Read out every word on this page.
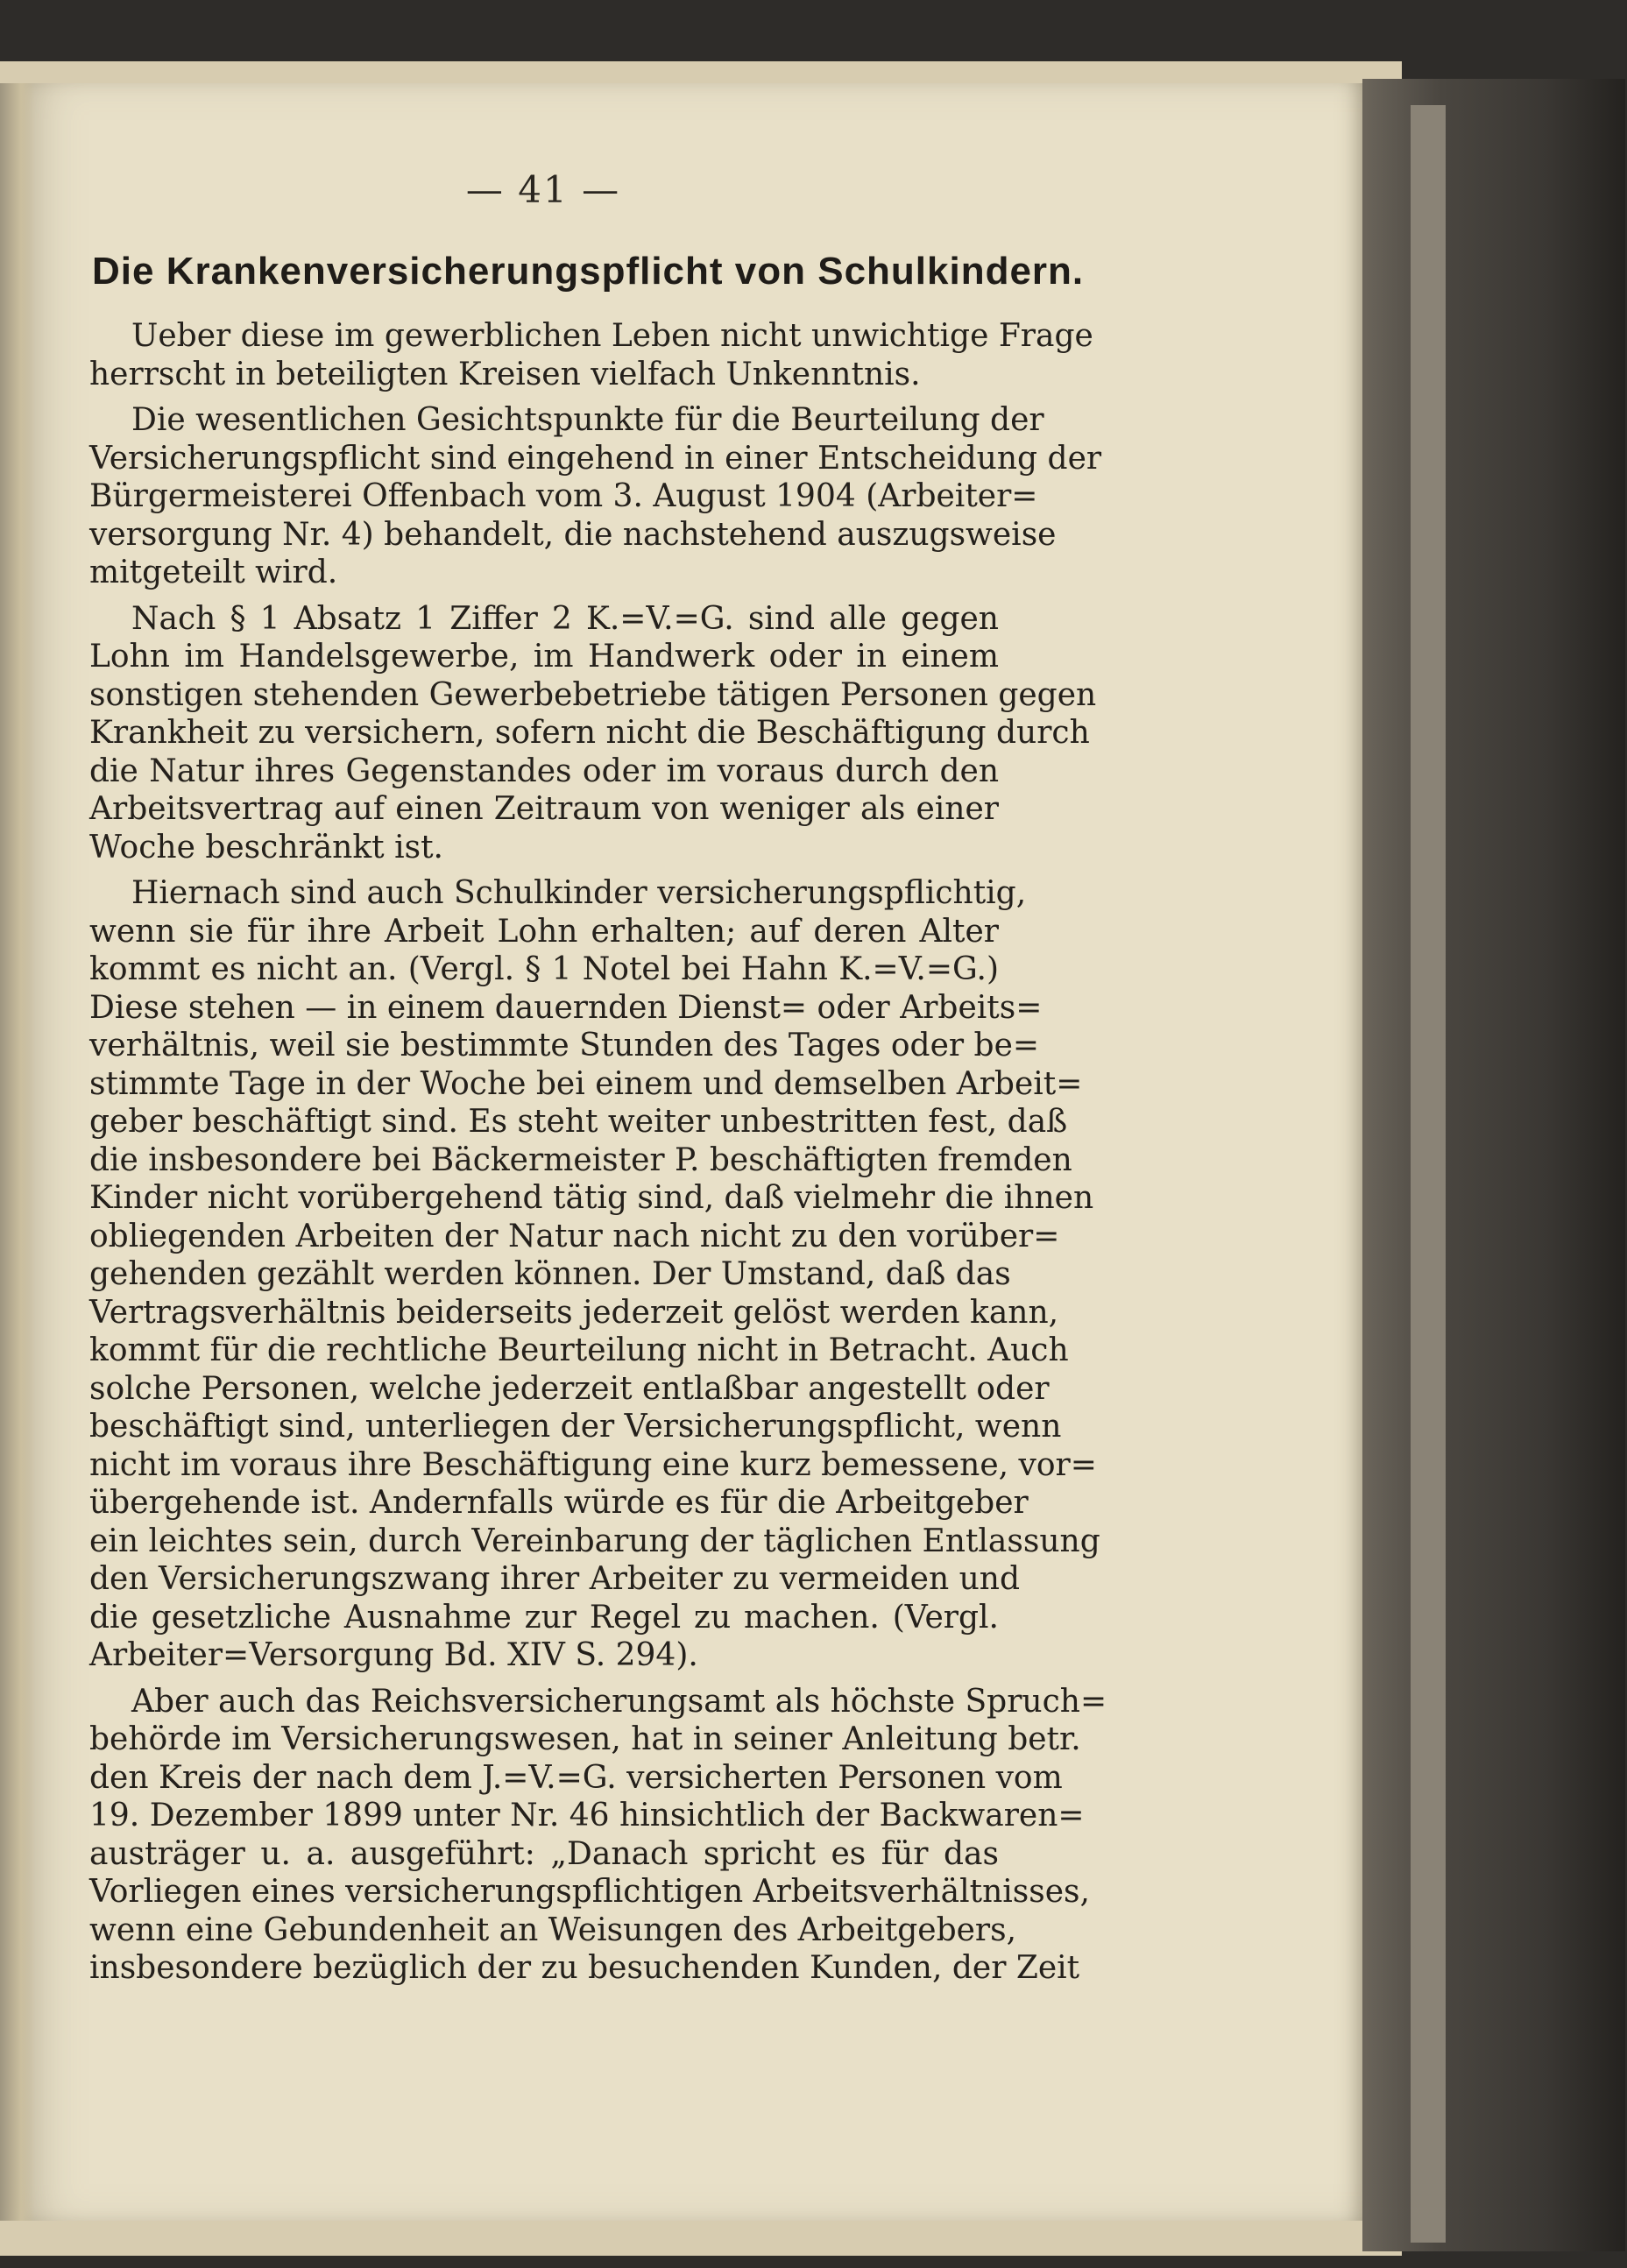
— 41 —
Die Krankenversicherungspflicht von Schulkindern.

Ueber diese im gewerblichen Leben nicht unwichtige Frage
herrscht in beteiligten Kreisen vielfach Unkenntnis.

Die wesentlichen Gesichtspunkte für die Beurteilung der
Versicherungspflicht sind eingehend in einer Entscheidung der
Bürgermeisterei Offenbach vom 3. August 1904 (Arbeiter=
versorgung Nr. 4) behandelt, die nachstehend auszugsweise
mitgeteilt wird.

Nach § 1 Absatz 1 Ziffer 2 K.=V.=G. sind alle gegen
Lohn im Handelsgewerbe, im Handwerk oder in einem
sonstigen stehenden Gewerbebetriebe tätigen Personen gegen
Krankheit zu versichern, sofern nicht die Beschäftigung durch
die Natur ihres Gegenstandes oder im voraus durch den
Arbeitsvertrag auf einen Zeitraum von weniger als einer
Woche beschränkt ist.

Hiernach sind auch Schulkinder versicherungspflichtig,
wenn sie für ihre Arbeit Lohn erhalten; auf deren Alter
kommt es nicht an. (Vergl. § 1 Notel bei Hahn K.=V.=G.)
Diese stehen — in einem dauernden Dienst= oder Arbeits=
verhältnis, weil sie bestimmte Stunden des Tages oder be=
stimmte Tage in der Woche bei einem und demselben Arbeit=
geber beschäftigt sind. Es steht weiter unbestritten fest, daß
die insbesondere bei Bäckermeister P. beschäftigten fremden
Kinder nicht vorübergehend tätig sind, daß vielmehr die ihnen
obliegenden Arbeiten der Natur nach nicht zu den vorüber=
gehenden gezählt werden können. Der Umstand, daß das
Vertragsverhältnis beiderseits jederzeit gelöst werden kann,
kommt für die rechtliche Beurteilung nicht in Betracht. Auch
solche Personen, welche jederzeit entlaßbar angestellt oder
beschäftigt sind, unterliegen der Versicherungspflicht, wenn
nicht im voraus ihre Beschäftigung eine kurz bemessene, vor=
übergehende ist. Andernfalls würde es für die Arbeitgeber
ein leichtes sein, durch Vereinbarung der täglichen Entlassung
den Versicherungszwang ihrer Arbeiter zu vermeiden und
die gesetzliche Ausnahme zur Regel zu machen. (Vergl.
Arbeiter=Versorgung Bd. XIV S. 294).

Aber auch das Reichsversicherungsamt als höchste Spruch=
behörde im Versicherungswesen, hat in seiner Anleitung betr.
den Kreis der nach dem J.=V.=G. versicherten Personen vom
19. Dezember 1899 unter Nr. 46 hinsichtlich der Backwaren=
austräger u. a. ausgeführt: „Danach spricht es für das
Vorliegen eines versicherungspflichtigen Arbeitsverhältnisses,
wenn eine Gebundenheit an Weisungen des Arbeitgebers,
insbesondere bezüglich der zu besuchenden Kunden, der Zeit
